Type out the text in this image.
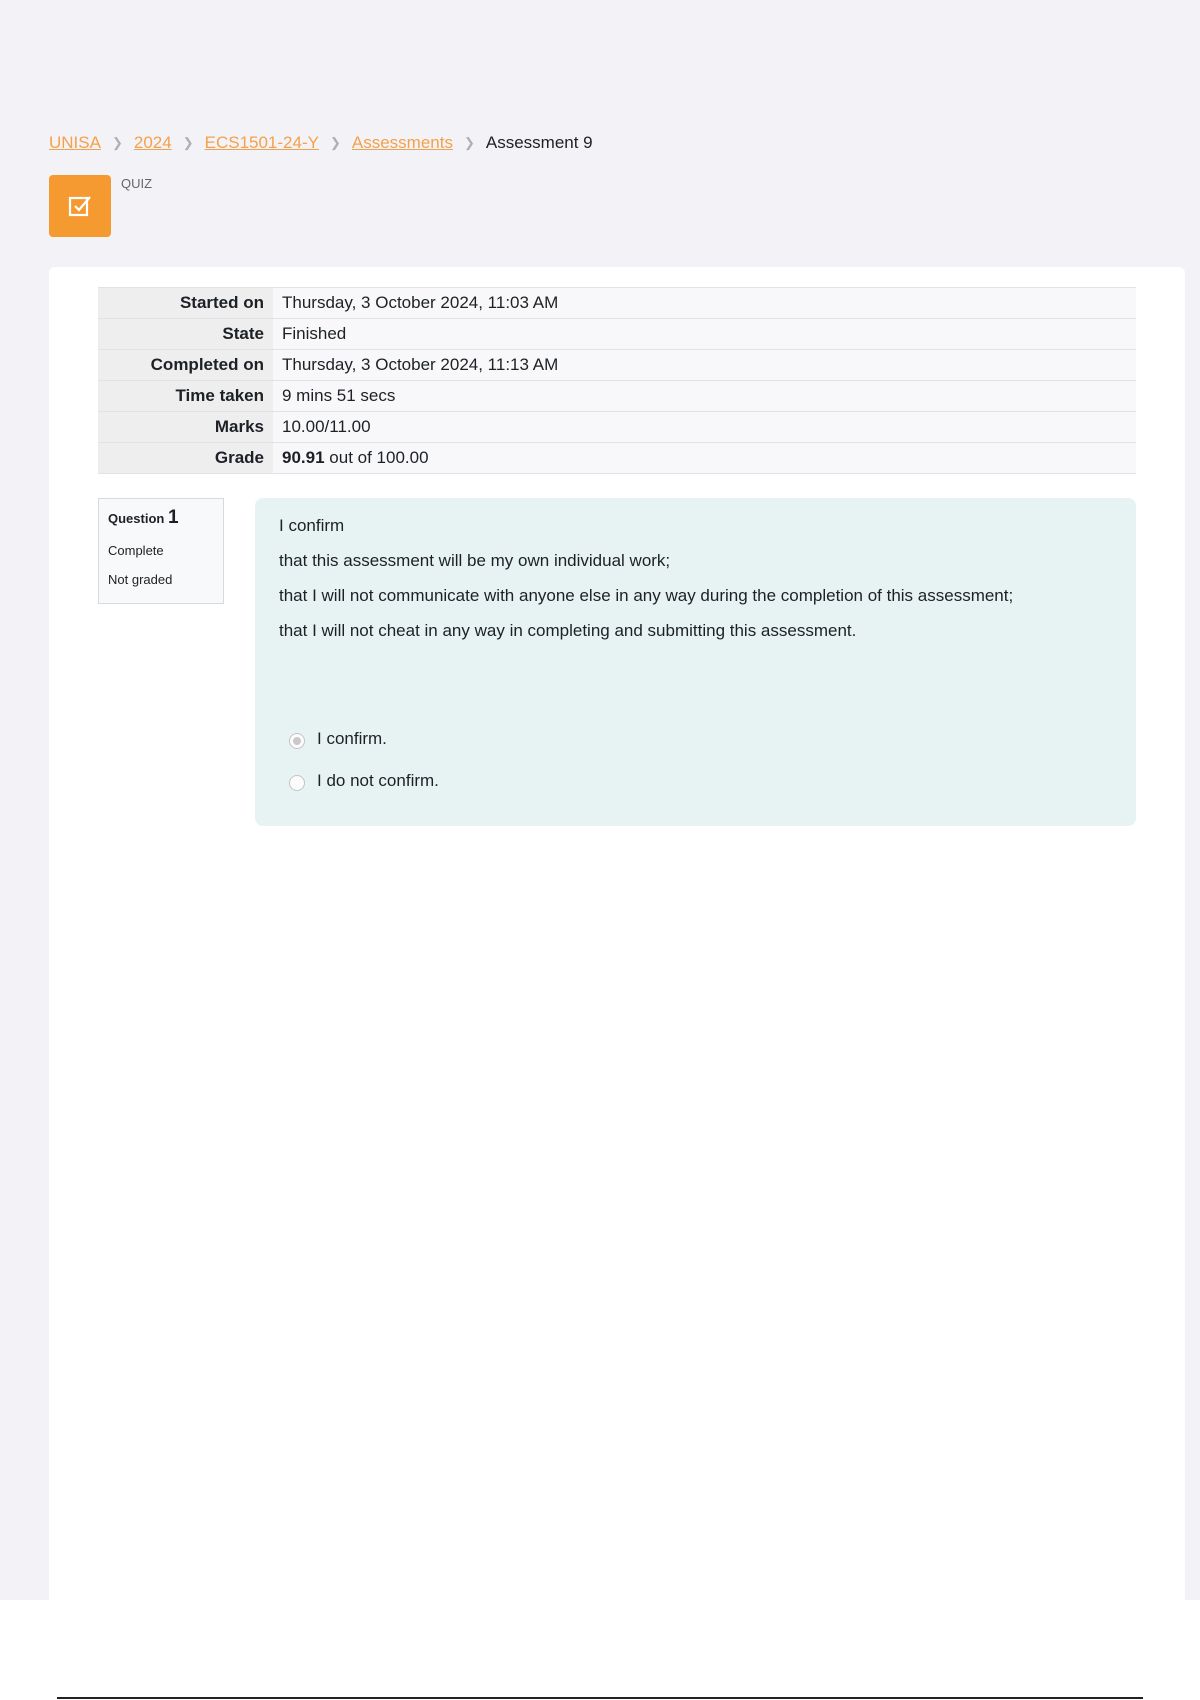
UNISA ❯ 2024 ❯ ECS1501-24-Y ❯ Assessments ❯ Assessment 9
QUIZ
Started on	Thursday, 3 October 2024, 11:03 AM
State	Finished
Completed on	Thursday, 3 October 2024, 11:13 AM
Time taken	9 mins 51 secs
Marks	10.00/11.00
Grade	90.91 out of 100.00
Question 1
Complete
Not graded

I confirm

that this assessment will be my own individual work;

that I will not communicate with anyone else in any way during the completion of this assessment;

that I will not cheat in any way in completing and submitting this assessment.

I confirm.
I do not confirm.
